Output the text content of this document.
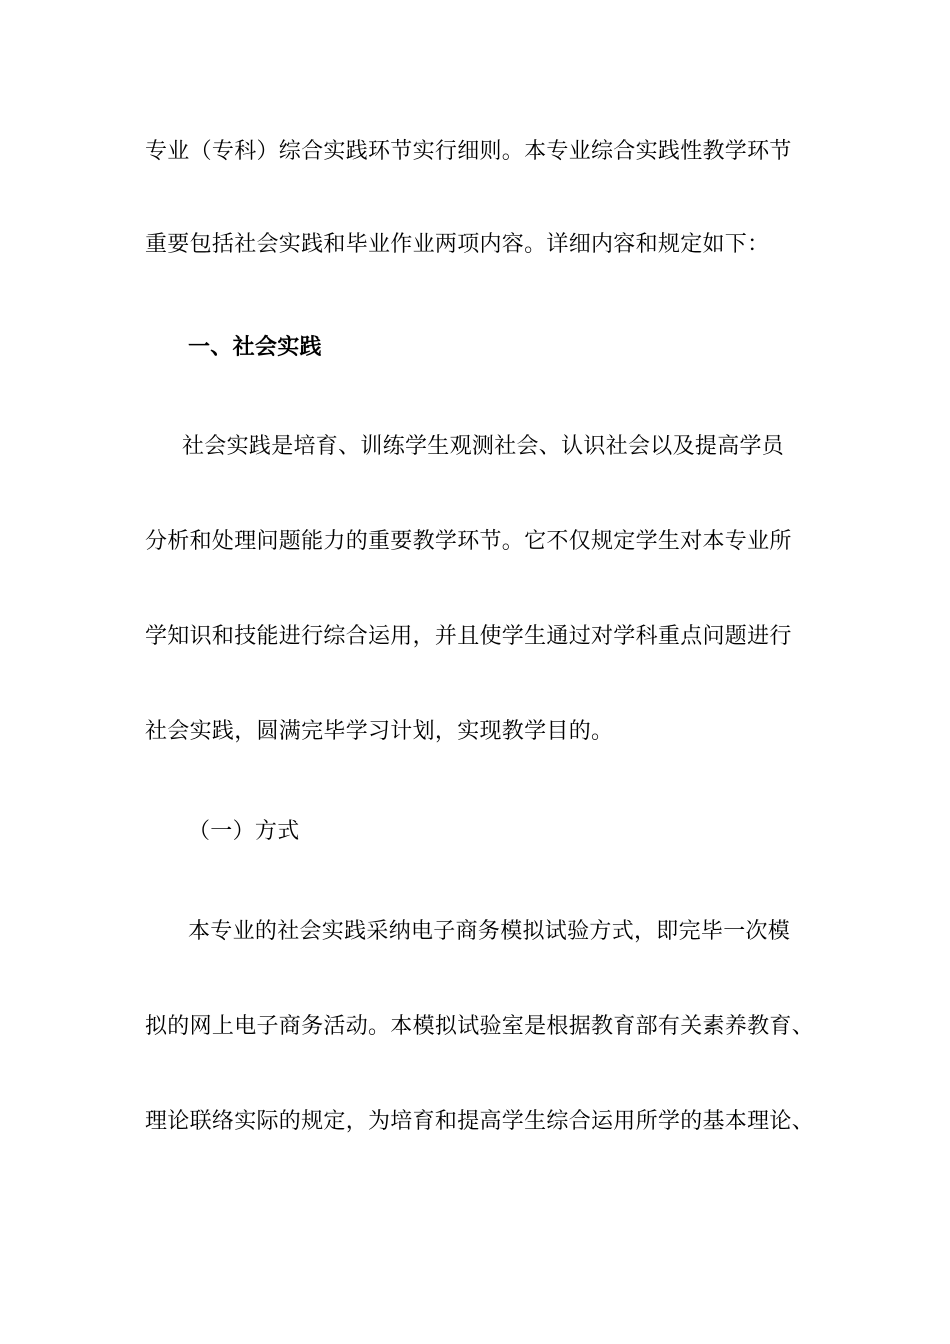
专业（专科）综合实践环节实行细则。本专业综合实践性教学环节
重要包括社会实践和毕业作业两项内容。详细内容和规定如下：
一、社会实践
社会实践是培育、训练学生观测社会、认识社会以及提高学员
分析和处理问题能力的重要教学环节。它不仅规定学生对本专业所
学知识和技能进行综合运用，并且使学生通过对学科重点问题进行
社会实践，圆满完毕学习计划，实现教学目的。
（一）方式
本专业的社会实践采纳电子商务模拟试验方式，即完毕一次模
拟的网上电子商务活动。本模拟试验室是根据教育部有关素养教育、
理论联络实际的规定，为培育和提高学生综合运用所学的基本理论、
